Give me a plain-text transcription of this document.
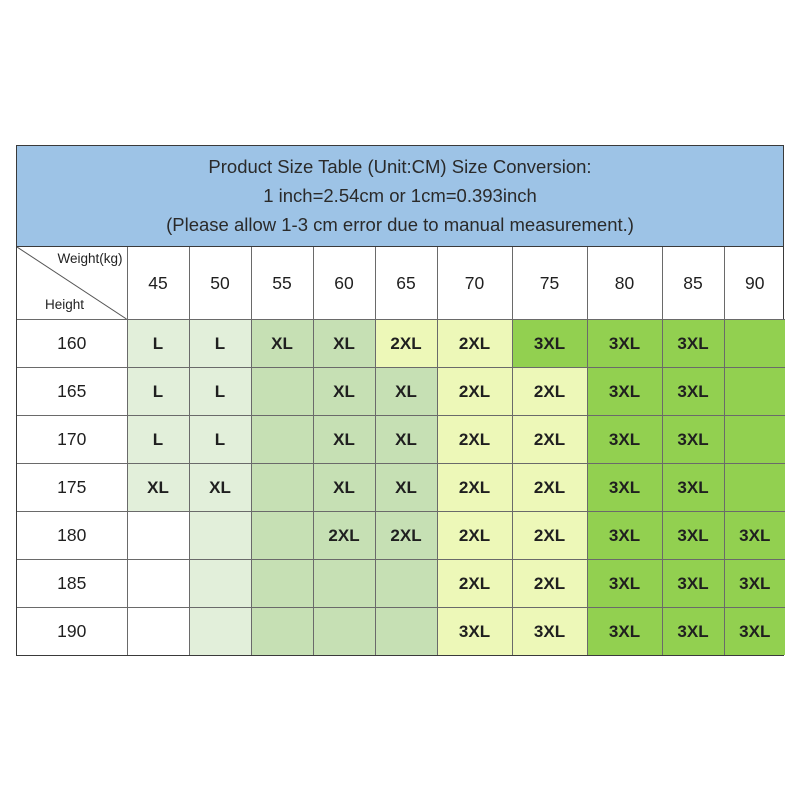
Product Size Table (Unit:CM) Size Conversion:
1 inch=2.54cm or 1cm=0.393inch
(Please allow 1-3 cm error due to manual measurement.)
Weight(kg)
Height	45	50	55	60	65	70	75	80	85	90
160	L	L	XL	XL	2XL	2XL	3XL	3XL	3XL	
165	L	L		XL	XL	2XL	2XL	3XL	3XL	
170	L	L		XL	XL	2XL	2XL	3XL	3XL	
175	XL	XL		XL	XL	2XL	2XL	3XL	3XL	
180				2XL	2XL	2XL	2XL	3XL	3XL	3XL
185						2XL	2XL	3XL	3XL	3XL
190						3XL	3XL	3XL	3XL	3XL
